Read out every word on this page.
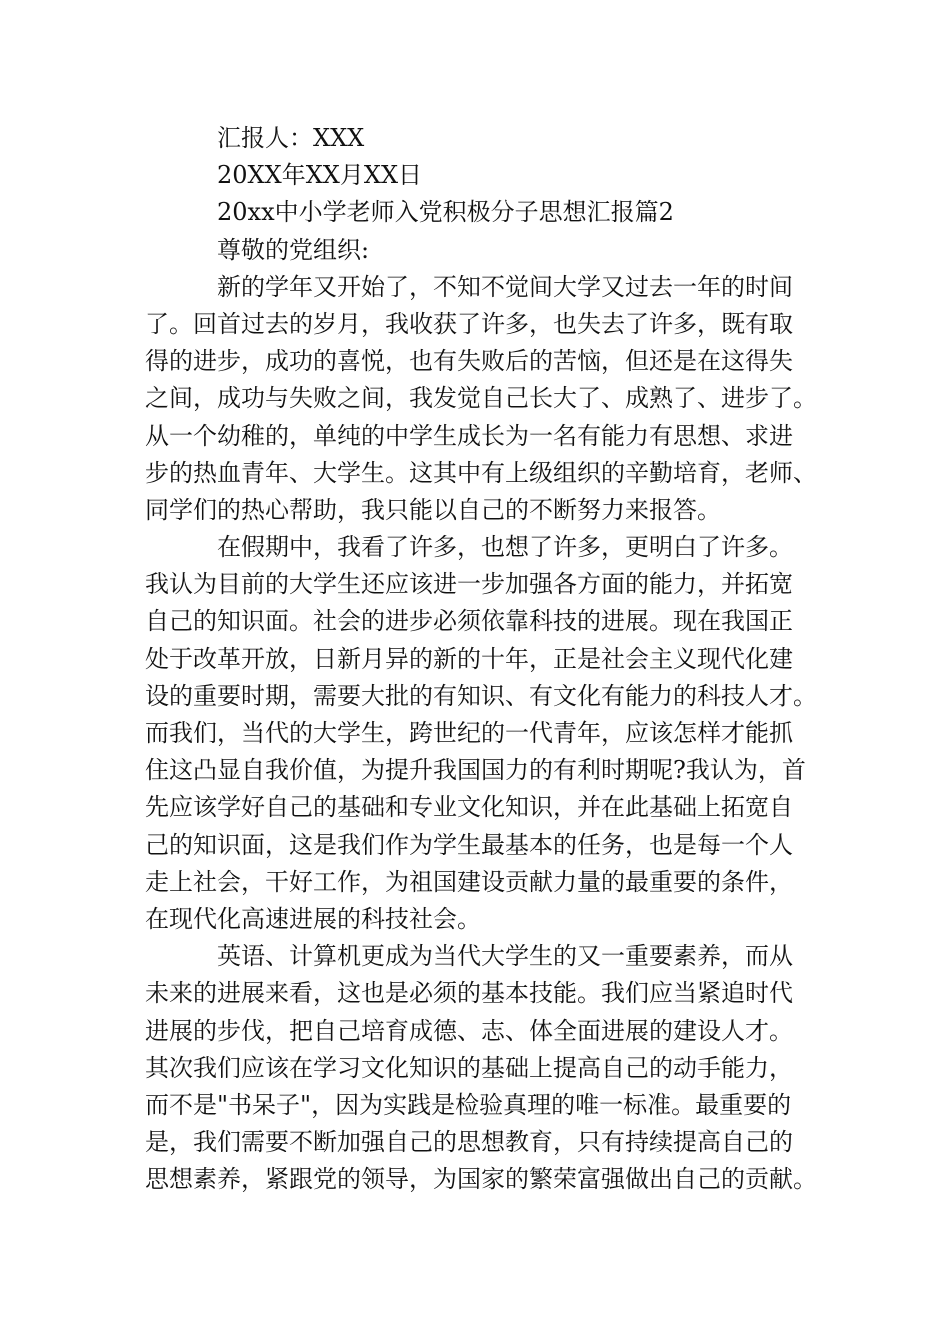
汇报人：XXX
20XX年XX月XX日
20xx中小学老师入党积极分子思想汇报篇2
尊敬的党组织:
新的学年又开始了，不知不觉间大学又过去一年的时间
了。回首过去的岁月，我收获了许多，也失去了许多，既有取
得的进步，成功的喜悦，也有失败后的苦恼，但还是在这得失
之间，成功与失败之间，我发觉自己长大了、成熟了、进步了。
从一个幼稚的，单纯的中学生成长为一名有能力有思想、求进
步的热血青年、大学生。这其中有上级组织的辛勤培育，老师、
同学们的热心帮助，我只能以自己的不断努力来报答。
在假期中，我看了许多，也想了许多，更明白了许多。
我认为目前的大学生还应该进一步加强各方面的能力，并拓宽
自己的知识面。社会的进步必须依靠科技的进展。现在我国正
处于改革开放，日新月异的新的十年，正是社会主义现代化建
设的重要时期，需要大批的有知识、有文化有能力的科技人才。
而我们，当代的大学生，跨世纪的一代青年，应该怎样才能抓
住这凸显自我价值，为提升我国国力的有利时期呢?我认为，首
先应该学好自己的基础和专业文化知识，并在此基础上拓宽自
己的知识面，这是我们作为学生最基本的任务，也是每一个人
走上社会，干好工作，为祖国建设贡献力量的最重要的条件，
在现代化高速进展的科技社会。
英语、计算机更成为当代大学生的又一重要素养，而从
未来的进展来看，这也是必须的基本技能。我们应当紧追时代
进展的步伐，把自己培育成德、志、体全面进展的建设人才。
其次我们应该在学习文化知识的基础上提高自己的动手能力，
而不是"书呆子"，因为实践是检验真理的唯一标准。最重要的
是，我们需要不断加强自己的思想教育，只有持续提高自己的
思想素养，紧跟党的领导，为国家的繁荣富强做出自己的贡献。
